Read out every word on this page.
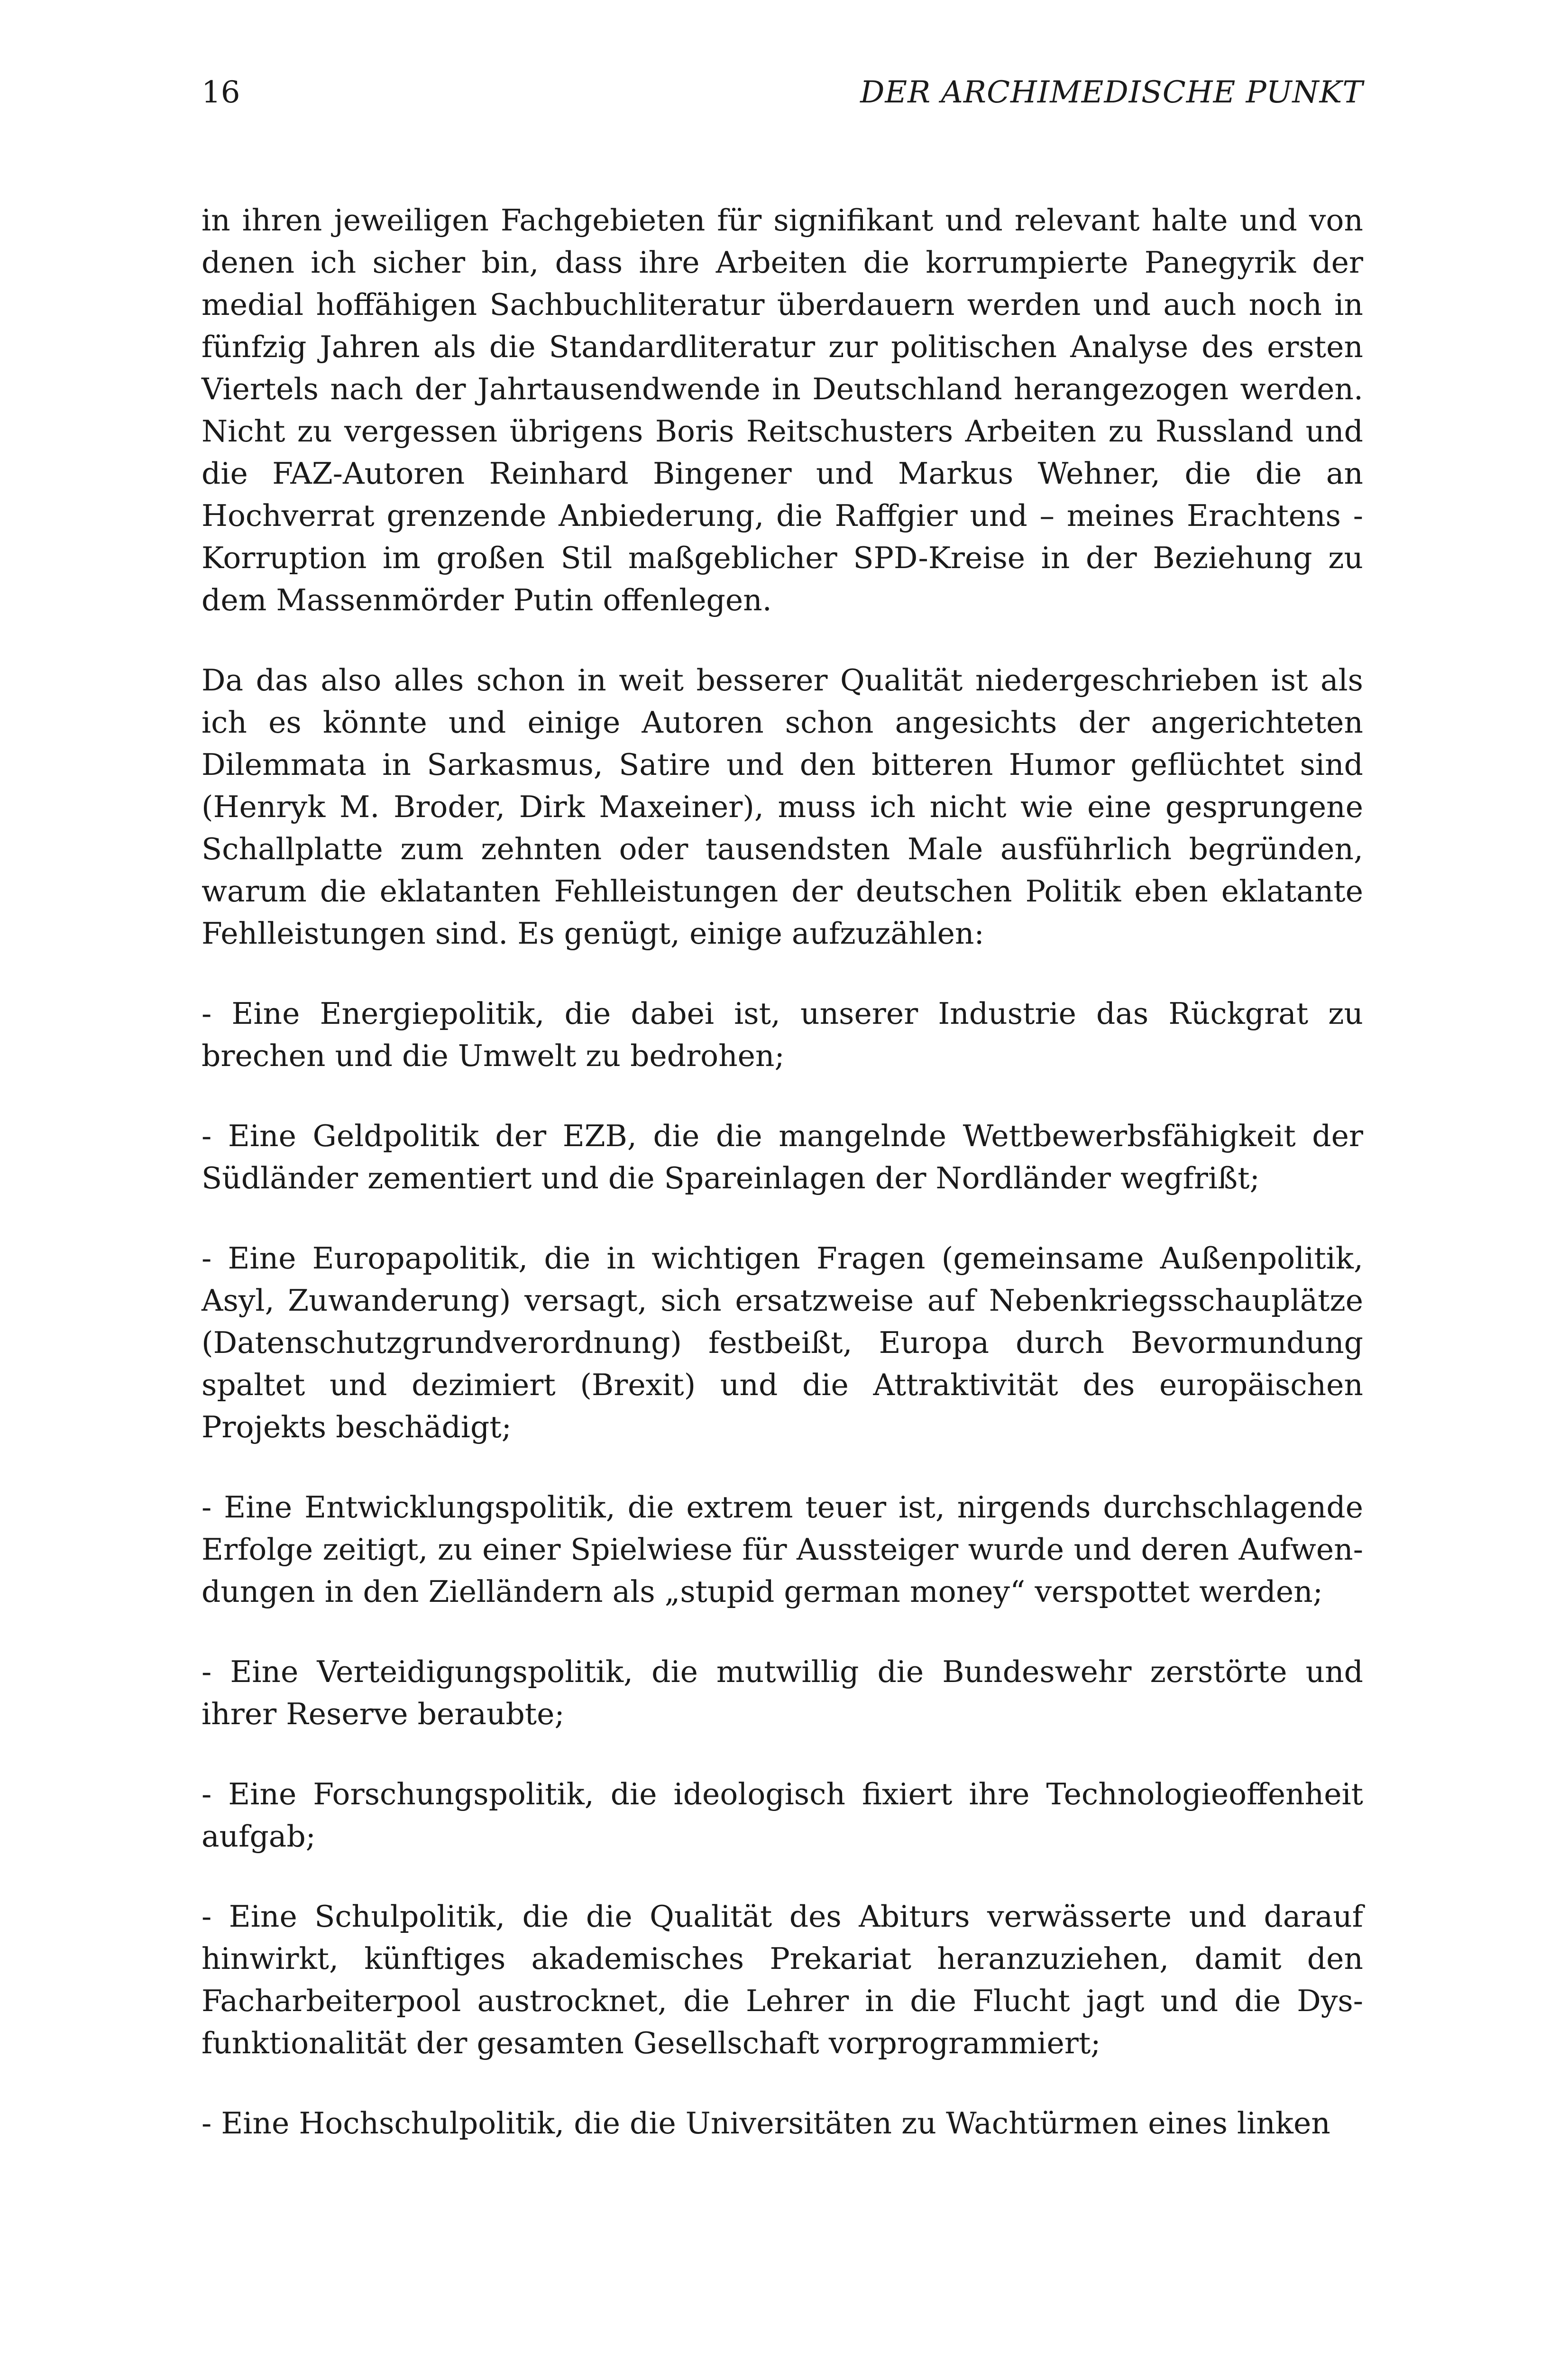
16	DER ARCHIMEDISCHE PUNKT

in ihren jeweiligen Fachgebieten für signifikant und relevant halte und von denen ich sicher bin, dass ihre Arbeiten die korrumpierte Panegyrik der medial hoffähigen Sachbuchliteratur überdauern werden und auch noch in fünfzig Jahren als die Standardliteratur zur politischen Analyse des ersten Viertels nach der Jahrtausendwende in Deutschland herangezogen werden. Nicht zu vergessen übrigens Boris Reitschusters Arbeiten zu Russland und die FAZ-Autoren Reinhard Bingener und Markus Wehner, die die an Hochverrat grenzende Anbiederung, die Raffgier und – meines Erachtens - Korruption im großen Stil maßgeblicher SPD-Kreise in der Beziehung zu dem Massenmörder Putin offenlegen.

Da das also alles schon in weit besserer Qualität niedergeschrieben ist als ich es könnte und einige Autoren schon angesichts der angerichteten Dilemmata in Sarkasmus, Satire und den bitteren Humor geflüchtet sind (Henryk M. Broder, Dirk Maxeiner), muss ich nicht wie eine gesprungene Schallplatte zum zehnten oder tausendsten Male ausführlich begründen, warum die eklatanten Fehlleistungen der deutschen Politik eben eklatante Fehlleistungen sind. Es genügt, einige aufzuzählen:

- Eine Energiepolitik, die dabei ist, unserer Industrie das Rückgrat zu brechen und die Umwelt zu bedrohen;

- Eine Geldpolitik der EZB, die die mangelnde Wettbewerbsfähigkeit der Südländer zementiert und die Spareinlagen der Nordländer wegfrißt;

- Eine Europapolitik, die in wichtigen Fragen (gemeinsame Außenpolitik, Asyl, Zuwanderung) versagt, sich ersatzweise auf Nebenkriegsschauplätze (Datenschutzgrundverordnung) festbeißt, Europa durch Bevormundung spaltet und dezimiert (Brexit) und die Attraktivität des europäischen Projekts beschädigt;

- Eine Entwicklungspolitik, die extrem teuer ist, nirgends durchschlagende Erfolge zeitigt, zu einer Spielwiese für Aussteiger wurde und deren Aufwendungen in den Zielländern als „stupid german money“ verspottet werden;

- Eine Verteidigungspolitik, die mutwillig die Bundeswehr zerstörte und ihrer Reserve beraubte;

- Eine Forschungspolitik, die ideologisch fixiert ihre Technologieoffenheit aufgab;

- Eine Schulpolitik, die die Qualität des Abiturs verwässerte und darauf hinwirkt, künftiges akademisches Prekariat heranzuziehen, damit den Facharbeiterpool austrocknet, die Lehrer in die Flucht jagt und die Dysfunktionalität der gesamten Gesellschaft vorprogrammiert;

- Eine Hochschulpolitik, die die Universitäten zu Wachtürmen eines linken
